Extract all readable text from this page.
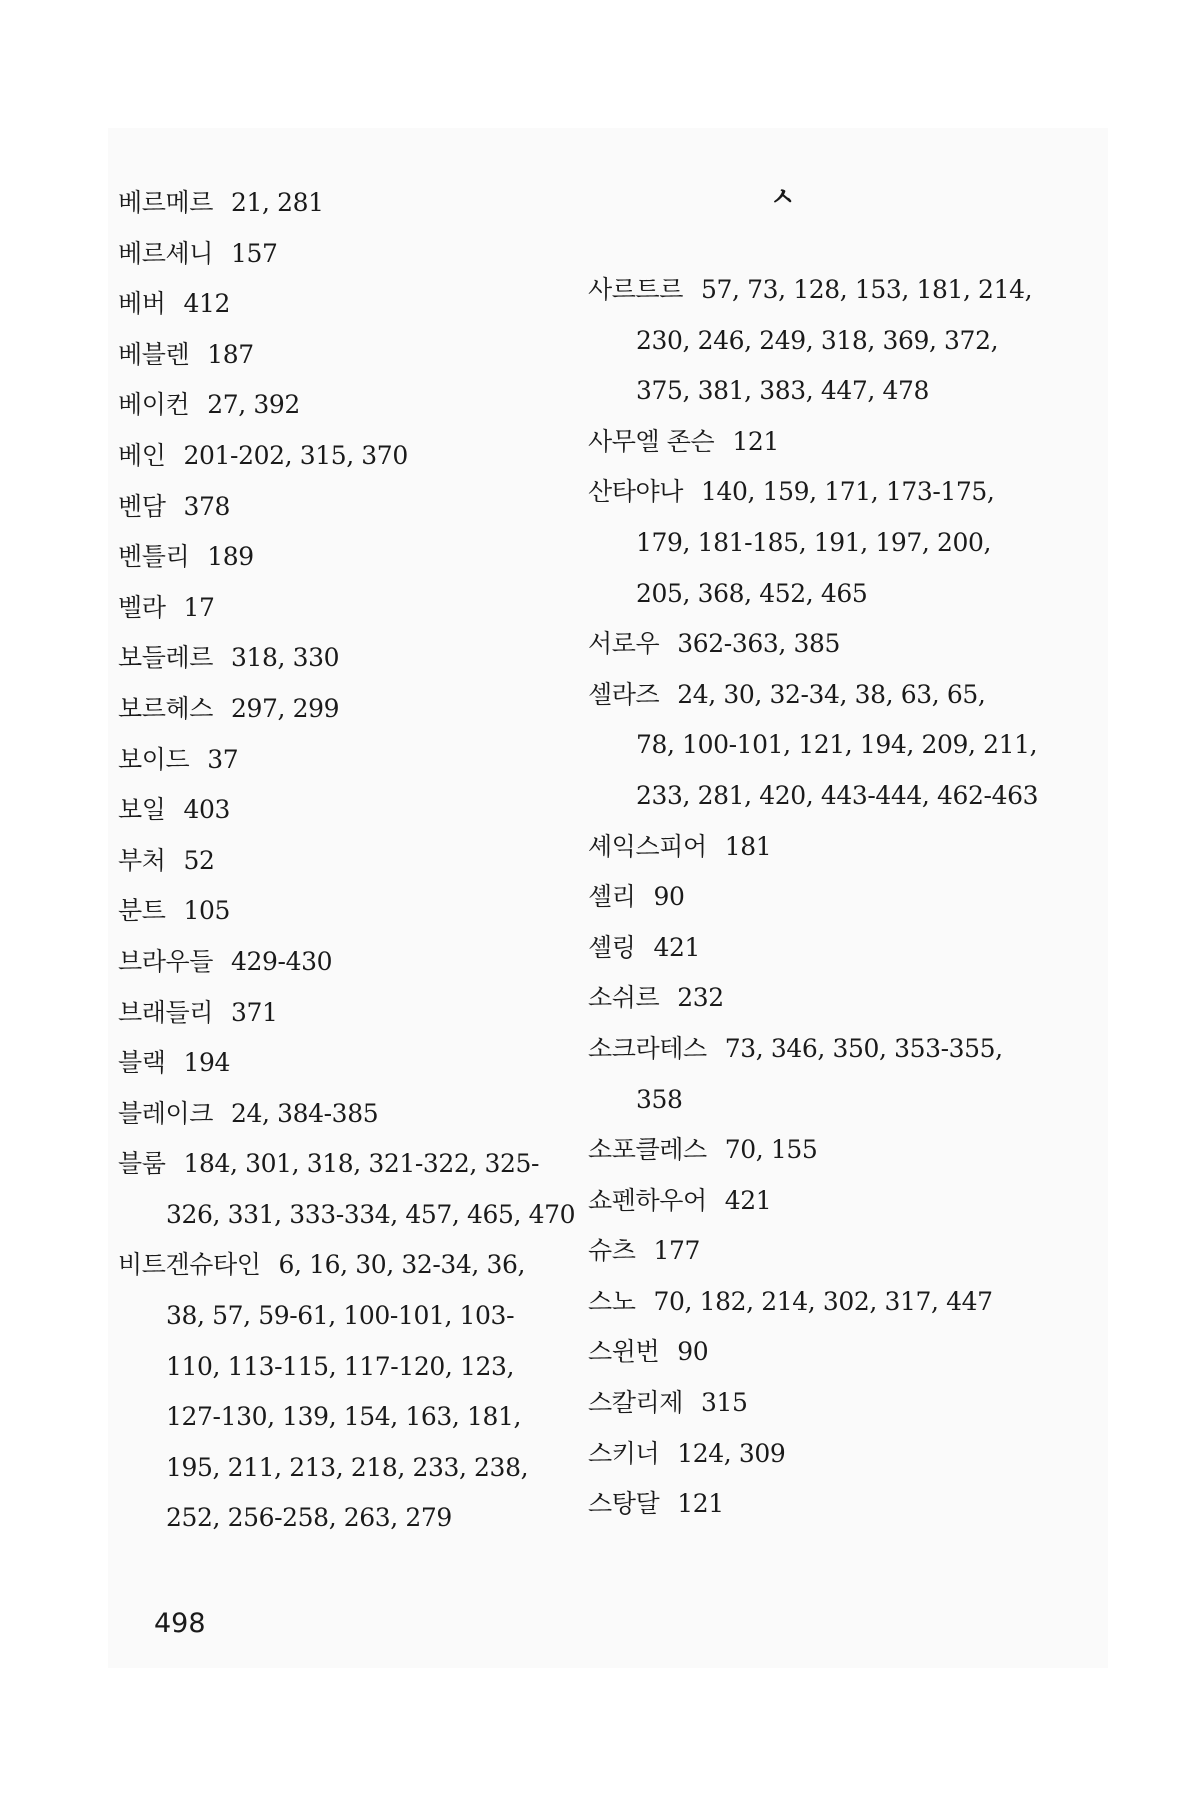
베르메르 21, 281
베르셰니 157
베버 412
베블렌 187
베이컨 27, 392
베인 201-202, 315, 370
벤담 378
벤틀리 189
벨라 17
보들레르 318, 330
보르헤스 297, 299
보이드 37
보일 403
부처 52
분트 105
브라우들 429-430
브래들리 371
블랙 194
블레이크 24, 384-385
블룸 184, 301, 318, 321-322, 325-
326, 331, 333-334, 457, 465, 470
비트겐슈타인 6, 16, 30, 32-34, 36,
38, 57, 59-61, 100-101, 103-
110, 113-115, 117-120, 123,
127-130, 139, 154, 163, 181,
195, 211, 213, 218, 233, 238,
252, 256-258, 263, 279
ㅅ
사르트르 57, 73, 128, 153, 181, 214,
230, 246, 249, 318, 369, 372,
375, 381, 383, 447, 478
사무엘 존슨 121
산타야나 140, 159, 171, 173-175,
179, 181-185, 191, 197, 200,
205, 368, 452, 465
서로우 362-363, 385
셀라즈 24, 30, 32-34, 38, 63, 65,
78, 100-101, 121, 194, 209, 211,
233, 281, 420, 443-444, 462-463
셰익스피어 181
셸리 90
셸링 421
소쉬르 232
소크라테스 73, 346, 350, 353-355,
358
소포클레스 70, 155
쇼펜하우어 421
슈츠 177
스노 70, 182, 214, 302, 317, 447
스윈번 90
스칼리제 315
스키너 124, 309
스탕달 121
498
